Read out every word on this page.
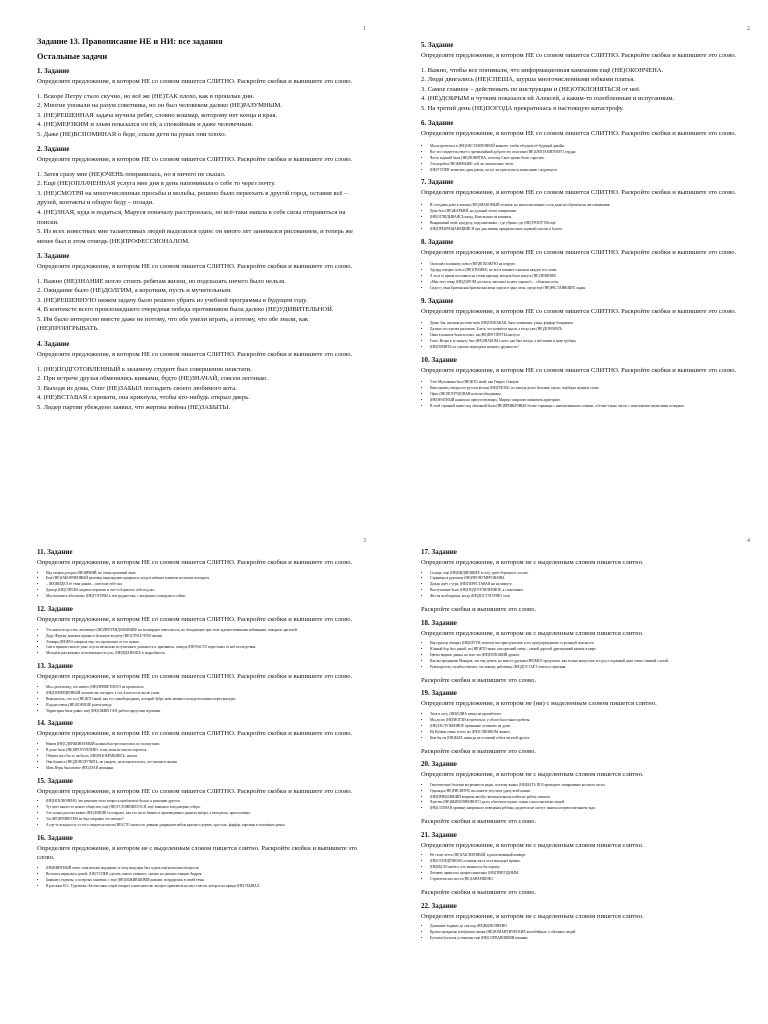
1
Задание 13. Правописание НЕ и НИ: все задания
Остальные задачи
1. Задание
Определите предложение, в котором НЕ со словом пишется СЛИТНО. Раскройте скобки и выпишите это слово.
1. Вскоре Петру стало скучно, но всё же (НЕ)ТАК плохо, как в прошлые дни.
2. Многие уповали на разум советника, но он был человеком далеко (НЕ)РАЗУМНЫМ.
3. (НЕ)РЕШЕННАЯ задача мучила ребят, словно кошмар, которому нет конца и края.
4. (НЕ)МЕРЗКИМ и злым показался он ей, а спокойным и даже человечным.
5. Даже (НЕ)ВСПОМИНАЯ о беде, спали дети на руках они плохо.
2. Задание
Определите предложение, в котором НЕ со словом пишется СЛИТНО. Раскройте скобки и выпишите это слово.
1. Затея сразу мне (НЕ)ОЧЕНЬ понравилась, но я ничего не сказал.
2. Ещё (НЕ)ОПЛАЧЕННАЯ услуга мне дня в день напоминала о себе то через почту.
3. (НЕ)СМОТРЯ на многочисленные просьбы и мольбы, решено было переехать в другой город, оставив всё – друзей, контакты и общую беду – позади.
4. (НЕ)ЗНАЯ, куда и податься, Маруся поначалу расстроилась, но всё-таки нашла в себе силы отправиться на поиски.
5. Из всех известных мне талантливых людей выделился один: он много лет занимался рисованием, и теперь же менее был в этом отнюдь (НЕ)ПРОФЕССИОНАЛОМ.
3. Задание
Определите предложение, в котором НЕ со словом пишется СЛИТНО. Раскройте скобки и выпишите это слово.
1. Важно (НЕ)ЗНАНИЕ могло стоить ребятам жизни, но подсказать ничего было нельзя.
2. Ожидание было (НЕ)ДОЛГИМ, а коротким, пусть и мучительным.
3. (НЕ)РЕШЕННУЮ нижем задачу было решено убрать из учебной программы в будущем году.
4. В контексте всего произошедшего очередная победа противников была далеко (НЕ)УДИВИТЕЛЬНОЙ.
5. Им было интересно вместе даже не потому, что обе умели играть, а потому, что обе знали, как (НЕ)ПРОИГРЫВАТЬ.
4. Задание
Определите предложение, в котором НЕ со словом пишется СЛИТНО. Раскройте скобки и выпишите это слово.
1. (НЕ)ПОДГОТОВЛЕННЫЙ к экзамену студент был совершенно неистати.
2. При встрече друзья обменялись кивками, будто (НЕ)ЗНАЧАЙ, совсем легонько.
3. Выходя из дома, Олег (НЕ)ЗАБЫЛ погладить своего любимого кота.
4. (НЕ)ВСТАВАЯ с кровати, она крикнула, чтобы кто-нибудь открыл дверь.
5. Лидер партии убеждено заявил, что жертвы войны (НЕ)ЗАБЫТЫ.
2
5. Задание
Определите предложение, в котором НЕ со словом пишется СЛИТНО. Раскройте скобки и выпишите это слово.
1. Важно, чтобы все понимали, что информационная кампания ещё (НЕ)ОКОНЧЕНА.
2. Люди двигались (НЕ)СПЕША, шурша многочисленными юбками платья.
3. Самое главное – действовать по инструкции и (НЕ)ОТКЛОНЯТЬСЯ от неё.
4. (НЕ)ДОБРЫМ и чутким показался ей Алексей, а каким-то озлобленным и испуганным.
5. На третий день (НЕ)ПОГОДА прекратилась в настоящую катастрофу.
6. Задание
Определите предложение, в котором НЕ со словом пишется СЛИТНО. Раскройте скобки и выпишите это слово.
• Мы встретились в (НЕ)ОБСТАВЛЕННОЙ комнате, чтобы обсудить её будущий дизайн.
• Вот это свидетельствует о чрезвычайной доброте его поистине (НЕ)ЗЛОПАМЯТНОГО сердца.
• Часть заданий была (НЕ)ПОНЯТНА, поэтому Саше нужно было спросить.
• Эта коробка (НЕ)МЕНЬШЕ той, но значительно легче.
• (НЕ)УСПЕВ захватить один рамок, он тут же приступил к написанию следующего.
7. Задание
Определите предложение, в котором НЕ со словом пишется СЛИТНО. Раскройте скобки и выпишите это слово.
• В соседнем доме к новому (НЕ)ЗНАКОМЫЙ человек, но многочисленные гости даже не обратили на него внимания.
• День был (НЕ)ЖАРКИЙ, но душный летом совершенно.
• (НЕ)ОГЛЯДЫВАЯСЬ назад, Катя вышла из комнаты.
• Выкрикивай злой, кукурузу, подсолнечника – где убрано, где (НЕ)ТРОНУТЫ ещё.
• (НЕ)ПРЕКРАЩАЮЩИЙСЯ три дня ливень прекратил наш садовый участок в болото.
8. Задание
Определите предложение, в котором НЕ со словом пишется СЛИТНО. Раскройте скобки и выпишите это слово.
• Он вошёл в комнату, вовсе (НЕ)ПОХОЖУЮ на пердую.
• Эдуард говорил хоть и (НЕ)ГРОМКО, но все в комнате слышали каждое его слово.
• А ты в то время поставила на стены картину, которая была ничуть (НЕ)ЛИШНЯЯ.
• «Мне этот товар (НЕ)ДАРОМ достался, заплатил за него хорошо!» – объяснял отец.
• Сидел у окна Британская британская жена сидела в одно злом, среди ещё (НЕ)РАСТАЯВШИХ льдин.
9. Задание
Определите предложение, в котором НЕ со словом пишется СЛИТНО. Раскройте скобки и выпишите это слово.
• Девка Зоя, писаная на свою мать (НЕ)ПОХОЖАЯ, была тоненькая, узкая, фарфор блондинка.
• Дальше по строчке распахать, Блесь, что начнётся вдали, а тогда уже (НЕ)ДОРОВАТЬ.
• Окна в комнате были плотно, ни (НЕ)ПРОТЁРТЫ наглухо.
• Голос Игоря в ту минуту был (НЕ)ЗНАКОМ у него, как был всегда, а жёсткими и даже грубым.
• (НЕ)ПОНЯТЬ по сделать переедки в немного дружность?
10. Задание
Определите предложение, в котором НЕ со словом пишется СЛИТНО. Раскройте скобки и выпишите это слово.
• Этот Мутомника был (НЕ)КТО иной, как Генрих Северов.
• Иностранец говорил по-русски весьма (НЕ)ПЛОХО, но иногда делал большие паузы: подбирал нужные слова.
• Офис (НЕ)ПОТРУДОВАН всем необходимым.
• (НЕ)ЗНАТНЫЙ нажим на присутствующих, Миркул покрасив поиновать аудиторию.
• В этой странной книге под обложкой были (НЕ)ПРИВЫЧНЫЕ белые страницы с напечатанными словами, а белые-серые листы с заметочками неумелыми почерком.
3
11. Задание
Определите предложение, в котором НЕ со словом пишется СЛИТНО. Раскройте скобки и выпишите это слово.
• Над озером догорал (НЕ)ЯРКИЙ, но очень красивый закат.
• Ещё (НЕ)ЗАКОНЧЕННЫЙ разговор вынужденно прервался, когда в кабинет клиенты вступили поглядеть.
• – (НЕ)ВИДЕЛ её этим днями, – шептала себе она.
• Доктор (НЕ)СПЕША надевал перчатки и что-то бормотал себе под нос.
• Мы оказались абсолютно (НЕ)ГОТОВЫ к тем трудностям, с которыми столкнулись сейчас.
12. Задание
Определите предложение, в котором НЕ со словом пишется СЛИТНО. Раскройте скобки и выпишите это слово.
• Это новое искусство, желающее (НЕ)ПРЕТЕНДОВАВШЕЕ на всемирную известность, не обладающее при этом художественными амбициями, покорило зрителей.
• Диду Федему денежек прижито большую встречу (НЕ)ГЛУЕБ ЧУЮ жизни.
• Эльвира (НЕ)РАЗ говорила ему, что произошёл от его нужна.
• Сам в прямом смысле ужас спустя несколько вступления в должность я, признаюсь, отнюдь (НЕ)ЧАСТО переставал от неё последствия.
• Молодёж рассказывал по возможности сухо, (НЕ)ВДАВАЯСЬ в подробности.
13. Задание
Определите предложение, в котором НЕ со словом пишется СЛИТНО. Раскройте скобки и выпишите это слово.
• Мы сделали вид, что ничего (НЕ)ПРИВЕТНОГО не произошло.
• (НЕ)ПОВЕРДЕННЫЙ человек вас погорает, а тот, в кои честь вы не ушли.
• Выяснилось, что это (НЕ)КТО иной, как тот самый продавец, который Зубру ночь немного позади вспомнил через выгодно.
• И ради отвечь (НЕ)ХОРОШЕ ролен между.
• Территория была давно, ещё (НЕ)ОЖИЙ ТАЯ, работа представа огромная.
14. Задание
Определите предложение, в котором НЕ со словом пишется СЛИТНО. Раскройте скобки и выпишите это слово.
• Никем (НЕ)СДЕРЖИВАЕМЫЙ каланы быстро понеслись по склону вниз.
• В доме было (НЕ)ПРОТОПЛЕНО, и мы лишь не могли согреться.
• Обязать кого бы то ни было, (НЕ)РАЗОБРАВШИСЬ, нельзя.
• Они боялись (НЕ)ДОПОЛУЧИТЬ, не увидеть, не испытать всего, что можно в жизни.
• Мать Веры была вовсе (НЕ)ЗЛАЯ женщина.
15. Задание
Определите предложение, в котором НЕ со словом пишется СЛИТНО. Раскройте скобки и выпишите это слово.
• (НЕ)ИСКЛЮЧЕНО, что решение этого вопроса приблизило бы нас к решению другого.
• Тут цвет какого-то некого общества, ещё (НЕ)УСТОЯВШЕГОСЯ, ещё занимало в недоверии собора.
• Это только рассказ значит (НЕ)ЛИШНО и открыто, как это часто бывает в произведениях данного автора, а исподволь, приглушённо.
• Уж (НЕ)ПРИВЕТЕН ли был отправил это письмо?
• А где-то вскорпосту от того свидетеля могли (НЕ)СТО оказал по дивным домрацком небом красного дерева, хрусталь, фарфор, картины в золочёных рамах.
16. Задание
Определите предложение, в котором не с выделенным словом пишется слитно. Раскройте скобки и выпишите это слово.
• (НЕ)ВИНТНЫЙ ответ сама весьма подорвано, и отец выпущен был задать ещё несколько вопросов.
• Весилась вернулись домой, (НЕ)УСПЕВ сделать самого главного: сказать на унылая станции Андрея.
• Бывшие студенты, а потертых занятиях, с ещё (НЕ)ОБЖИВШИМИ рамами, потрудились в своей темы.
• В рассказе И.С. Тургенева «Бесчастная» герой говорит о ничтожестве, которое привлекла на него совсем, которое на правде (НЕ)УБЫВАЛ.
4
17. Задание
Определите предложение, в котором не с выделенным словом пишется слитно.
• Солнце, ещё (НЕ)ВИДНЕВШЕЕ в сосу, греет бережно в сосоно.
• Страницы в рукописи (НЕ)ПРОНУМЕРОВАНЫ.
• Дождь идёт с утра, (НЕ)ПЕРЕСТАВАЯ ни на минуту.
• Выступление было (НЕ)ПОДГОТОВЛЕННОЕ, а спонтанное.
• Жесты необходимы, когда (НЕ)ДОСТАТОЧНО слов.
Раскройте скобки и выпишите это слово.
18. Задание
Определите предложение, в котором не с выделенным словом пишется слитно.
• Инструктор говорил (НЕ)ШУТЯ, поэтому мы прислушались к его предупреждению о грозящей опасности.
• Южный бор был дикий, но (НЕ)КТО ниже, как красный север – самый дорогой драгоценный камень в мире.
• Цветы видимо давны, но всю что (НЕ)ПОХОЖИЙ дрожат.
• Как вы предъявим Макаров, эти ему девать, но вместо друзьям (НЕ)МОГ предсказть, как только выпустить его руа а отданный даже очень главный случай.
• Руководитель службы отметил, что новому работнику (НЕ)ДОСТАЁТ опыта и терпения.
Раскройте скобки и выпишите это слово.
19. Задание
Определите предложение, в котором не (ни) с выделенным словом пишется слитно.
• Тиха и лесу, (НИ)ОДНА птица не пропаботает.
• Мы долго (НЕ)МОГЛИ встретиться: у обоих было много работы.
• (НЕ)ЗАСЛУЖЕННОЕ признание оставляет на душе.
• На Кубани очень тепло, но (НЕ)СЛИШКОМ зимнее.
• Кем бы ты (НИ)БЫЛ, никогда не оставляй себя в тягучей других.
Раскройте скобки и выпишите это слово.
20. Задание
Определите предложение, в котором не с выделенным словом пишется слитно.
• Генетические болезни встречаются редко, поэтому важно (НЕ)БЫТЬ ПОЗ проводить типирование костного мозга.
• Однажды (НЕ)РИСКНУВ, вы можете упустить удачу всей жизни.
• (НЕ)ПРИБЫВШИЙ вовремя автобус выпущен вновь пойти не работу пешком.
• Чувство (НЕ)ВЫПОЛНЕННОГО долга облегчило нужно только самостоятельно людей.
• (НЕ)СОЛНАЯ причину капризного поведения ребёнка, родители не смогут заняться перевоспитанием чада.
Раскройте скобки и выпишите это слово.
21. Задание
Определите предложение, в котором не с выделенным словом пишется слитно.
• Не стоит лезть (НЕ)ЗАКЛЕЕННЫЙ, в распечатанный конверт.
• (НЕ)ОСВЕДЁННАЯ сосновая часть леса выглядит мрачно.
• (НЕ)БЫЛО ничего, что звонилось бы хорошу.
• Летнюю пришлось профессионально (НЕ)ПРИГОДНЫМ.
• Строительство моста (НЕ)ЗАВЕРШЕНО.
Раскройте скобки и выпишите это слово.
22. Задание
Определите предложение, в котором не с выделенным словом пишется слитно.
• Домашнее задание до сих пор (НЕ)ВЫПОЛНЕНО.
• Кратко прекрасно изобразить жизнь (НЕ)РОМАНТИЧЕСКИХ козлобейных, а обычных людей.
• Бутлики бутылок уставлены ещё (НЕ)СОРВАВШИМИ вишням.
